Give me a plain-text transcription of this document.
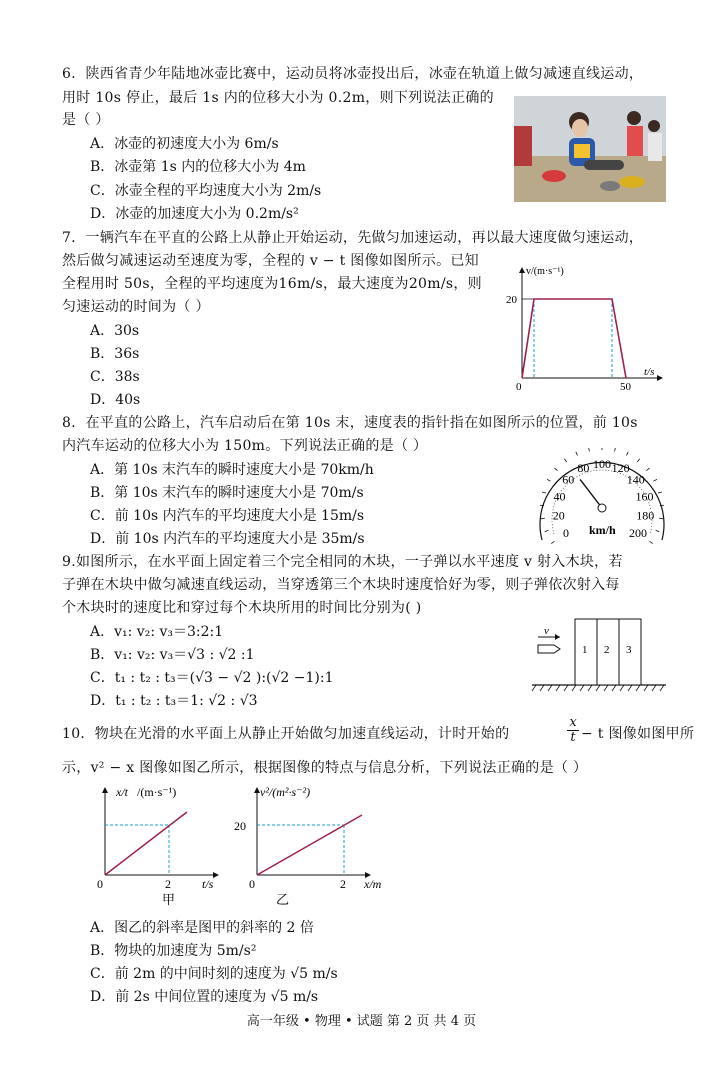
6．陕西省青少年陆地冰壶比赛中，运动员将冰壶投出后，冰壶在轨道上做匀减速直线运动，
用时 10s 停止，最后 1s 内的位移大小为 0.2m，则下列说法正确的
是（ ）
A．冰壶的初速度大小为 6m/s
B．冰壶第 1s 内的位移大小为 4m
C．冰壶全程的平均速度大小为 2m/s
D．冰壶的加速度大小为 0.2m/s²
7．一辆汽车在平直的公路上从静止开始运动，先做匀加速运动，再以最大速度做匀速运动，
然后做匀减速运动至速度为零，全程的 v − t 图像如图所示。已知
全程用时 50s，全程的平均速度为16m/s，最大速度为20m/s，则
匀速运动的时间为（ ）
A．30s
B．36s
C．38s
D．40s
v/(m·s⁻¹)
20
0	50
t/s
8．在平直的公路上，汽车启动后在第 10s 末，速度表的指针指在如图所示的位置，前 10s
内汽车运动的位移大小为 150m。下列说法正确的是（ ）
A．第 10s 末汽车的瞬时速度大小是 70km/h
B．第 10s 末汽车的瞬时速度大小是 70m/s
C．前 10s 内汽车的平均速度大小是 15m/s
D．前 10s 内汽车的平均速度大小是 35m/s	0
20
40
60
80 100 120
140
160
180
200
km/h
9.如图所示，在水平面上固定着三个完全相同的木块，一子弹以水平速度 v 射入木块，若
子弹在木块中做匀减速直线运动，当穿透第三个木块时速度恰好为零，则子弹依次射入每
个木块时的速度比和穿过每个木块所用的时间比分别为( )
A．v₁: v₂: v₃＝3:2:1
B．v₁: v₂: v₃＝√3 : √2 :1
C．t₁ : t₂ : t₃＝(√3 − √2 ):(√2 −1):1
D．t₁ : t₂ : t₃＝1: √2 : √3
1 2 3
v
10．物块在光滑的水平面上从静止开始做匀加速直线运动，计时开始的	$\frac{x}{t} - t$ 图像如图甲所
示，v² − x 图像如图乙所示，根据图像的特点与信息分析，下列说法正确的是（ ）
x/t /(m·s⁻¹)
0	2	t/s
甲
v²/(m²·s⁻²)
20
0	2 x/m
乙
A．图乙的斜率是图甲的斜率的 2 倍
B．物块的加速度为 5m/s²
C．前 2m 的中间时刻的速度为 √5 m/s
D．前 2s 中间位置的速度为 √5 m/s
高一年级 • 物理 • 试题 第 2 页 共 4 页
